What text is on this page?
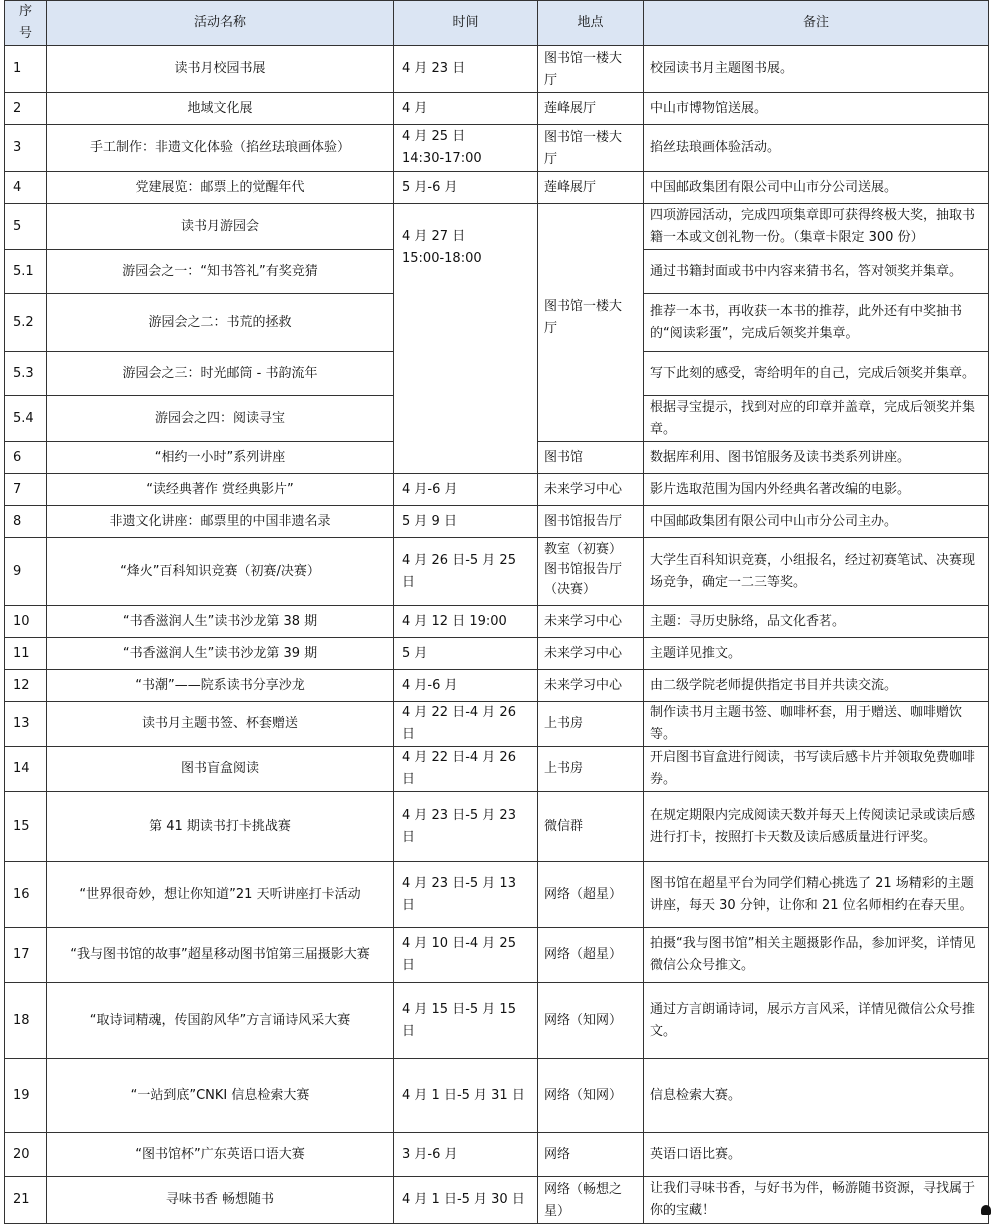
序
号	活动名称	时间	地点	备注
1	读书月校园书展	4 月 23 日	图书馆一楼大
厅	校园读书月主题图书展。
2	地域文化展	4 月	莲峰展厅	中山市博物馆送展。
3	手工制作：非遗文化体验（掐丝珐琅画体验）	4 月 25 日
14:30-17:00	图书馆一楼大
厅	掐丝珐琅画体验活动。
4	党建展览：邮票上的觉醒年代	5 月-6 月	莲峰展厅	中国邮政集团有限公司中山市分公司送展。
5	读书月游园会	4 月 27 日
15:00-18:00	图书馆一楼大
厅	四项游园活动，完成四项集章即可获得终极大奖，抽取书籍一本或文创礼物一份。（集章卡限定 300 份）
5.1	游园会之一：“知书答礼”有奖竞猜			通过书籍封面或书中内容来猜书名，答对领奖并集章。
5.2	游园会之二：书荒的拯救			推荐一本书，再收获一本书的推荐，此外还有中奖抽书的“阅读彩蛋”，完成后领奖并集章。
5.3	游园会之三：时光邮筒 - 书韵流年			写下此刻的感受，寄给明年的自己，完成后领奖并集章。
5.4	游园会之四：阅读寻宝			根据寻宝提示，找到对应的印章并盖章，完成后领奖并集章。
6	“相约一小时”系列讲座		图书馆	数据库利用、图书馆服务及读书类系列讲座。
7	“读经典著作 赏经典影片”	4 月-6 月	未来学习中心	影片选取范围为国内外经典名著改编的电影。
8	非遗文化讲座：邮票里的中国非遗名录	5 月 9 日	图书馆报告厅	中国邮政集团有限公司中山市分公司主办。
9	“烽火”百科知识竞赛（初赛/决赛）	4 月 26 日-5 月 25
日	教室（初赛）
图书馆报告厅
（决赛）	大学生百科知识竞赛，小组报名，经过初赛笔试、决赛现场竞争，确定一二三等奖。
10	“书香滋润人生”读书沙龙第 38 期	4 月 12 日 19:00	未来学习中心	主题：寻历史脉络，品文化香茗。
11	“书香滋润人生”读书沙龙第 39 期	5 月	未来学习中心	主题详见推文。
12	“书潮”——院系读书分享沙龙	4 月-6 月	未来学习中心	由二级学院老师提供指定书目并共读交流。
13	读书月主题书签、杯套赠送	4 月 22 日-4 月 26
日	上书房	制作读书月主题书签、咖啡杯套，用于赠送、咖啡赠饮等。
14	图书盲盒阅读	4 月 22 日-4 月 26
日	上书房	开启图书盲盒进行阅读，书写读后感卡片并领取免费咖啡券。
15	第 41 期读书打卡挑战赛	4 月 23 日-5 月 23
日	微信群	在规定期限内完成阅读天数并每天上传阅读记录或读后感进行打卡，按照打卡天数及读后感质量进行评奖。
16	“世界很奇妙，想让你知道”21 天听讲座打卡活动	4 月 23 日-5 月 13
日	网络（超星）	图书馆在超星平台为同学们精心挑选了 21 场精彩的主题讲座，每天 30 分钟，让你和 21 位名师相约在春天里。
17	“我与图书馆的故事”超星移动图书馆第三届摄影大赛	4 月 10 日-4 月 25
日	网络（超星）	拍摄“我与图书馆”相关主题摄影作品，参加评奖，详情见微信公众号推文。
18	“取诗词精魂，传国韵风华”方言诵诗风采大赛	4 月 15 日-5 月 15
日	网络（知网）	通过方言朗诵诗词，展示方言风采，详情见微信公众号推文。
19	“一站到底”CNKI 信息检索大赛	4 月 1 日-5 月 31 日	网络（知网）	信息检索大赛。
20	“图书馆杯”广东英语口语大赛	3 月-6 月	网络	英语口语比赛。
21	寻味书香 畅想随书	4 月 1 日-5 月 30 日	网络（畅想之
星）	让我们寻味书香，与好书为伴，畅游随书资源，寻找属于你的宝藏！
